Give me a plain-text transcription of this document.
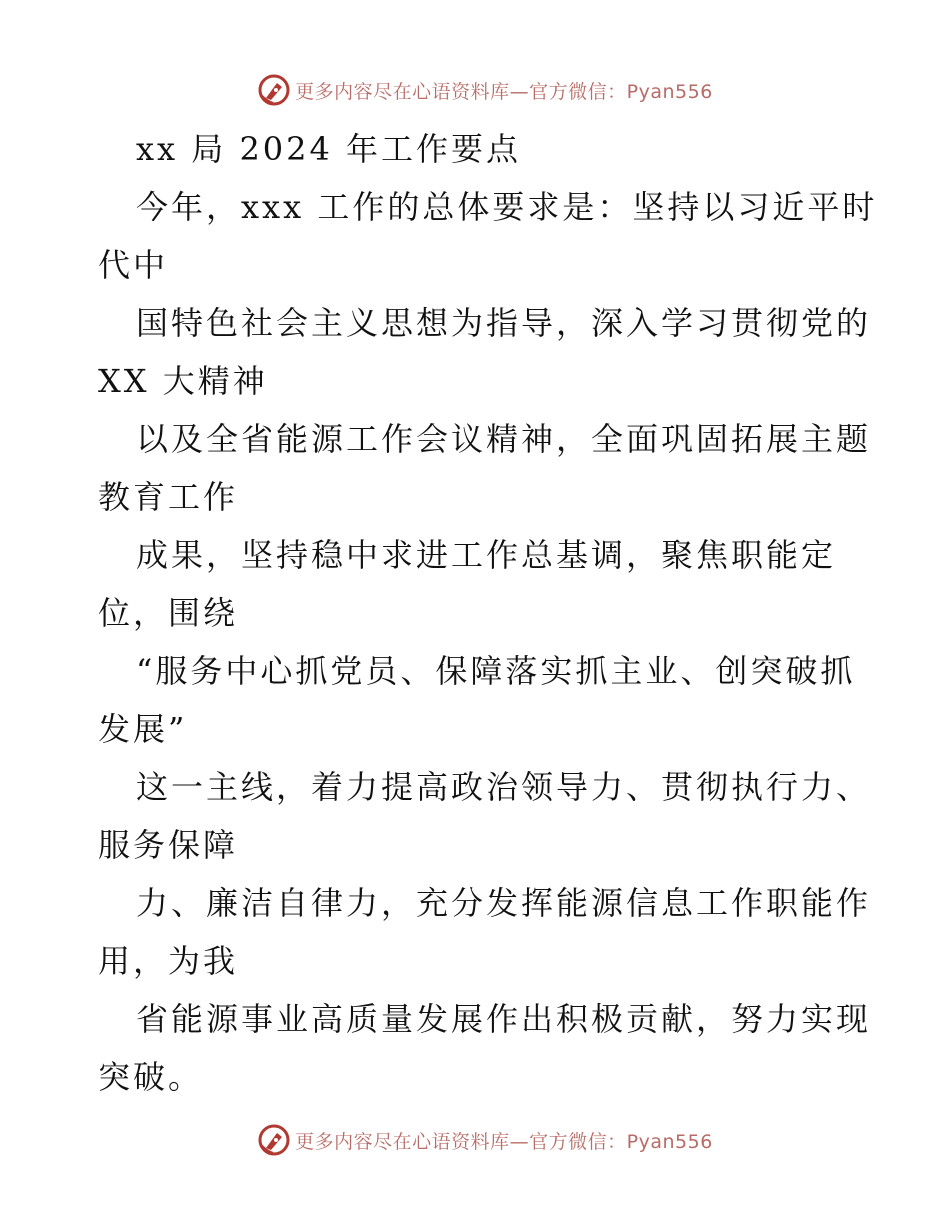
更多内容尽在心语资料库—官方微信：Pyan556
xx 局 2024 年工作要点
今年，xxx 工作的总体要求是：坚持以习近平时
代中
国特色社会主义思想为指导，深入学习贯彻党的
XX 大精神
以及全省能源工作会议精神，全面巩固拓展主题
教育工作
成果，坚持稳中求进工作总基调，聚焦职能定
位，围绕
“服务中心抓党员、保障落实抓主业、创突破抓
发展”
这一主线，着力提高政治领导力、贯彻执行力、
服务保障
力、廉洁自律力，充分发挥能源信息工作职能作
用，为我
省能源事业高质量发展作出积极贡献，努力实现
突破。
更多内容尽在心语资料库—官方微信：Pyan556
